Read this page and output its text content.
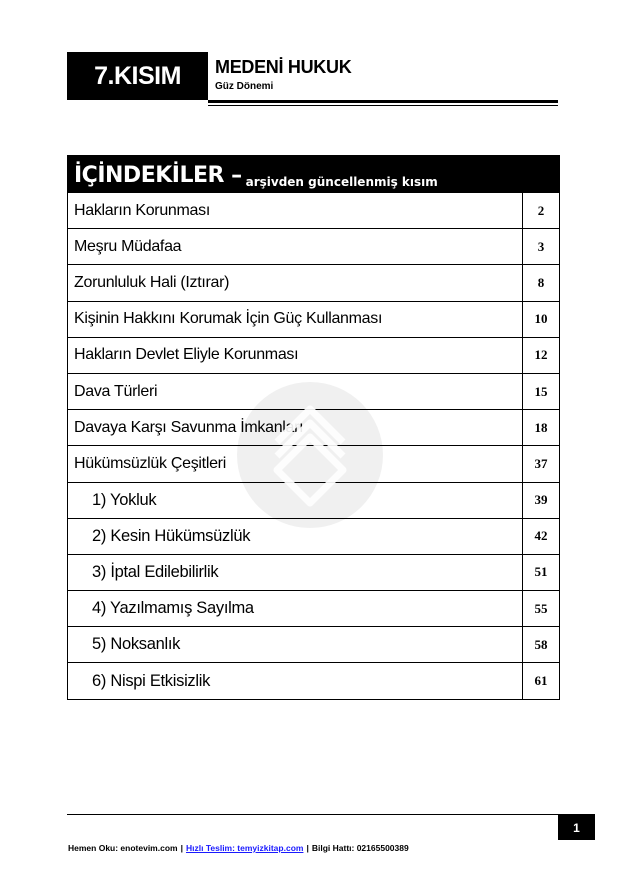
7.KISIM	MEDENİ HUKUK
Güz Dönemi
İÇİNDEKİLER – arşivden güncellenmiş kısım
Hakların Korunması	2
Meşru Müdafaa	3
Zorunluluk Hali (Iztırar)	8
Kişinin Hakkını Korumak İçin Güç Kullanması	10
Hakların Devlet Eliyle Korunması	12
Dava Türleri	15
Davaya Karşı Savunma İmkanları	18
Hükümsüzlük Çeşitleri	37
1) Yokluk	39
2) Kesin Hükümsüzlük	42
3) İptal Edilebilirlik	51
4) Yazılmamış Sayılma	55
5) Noksanlık	58
6) Nispi Etkisizlik	61
1
Hemen Oku: enotevim.com | Hızlı Teslim: temyizkitap.com | Bilgi Hattı: 02165500389
